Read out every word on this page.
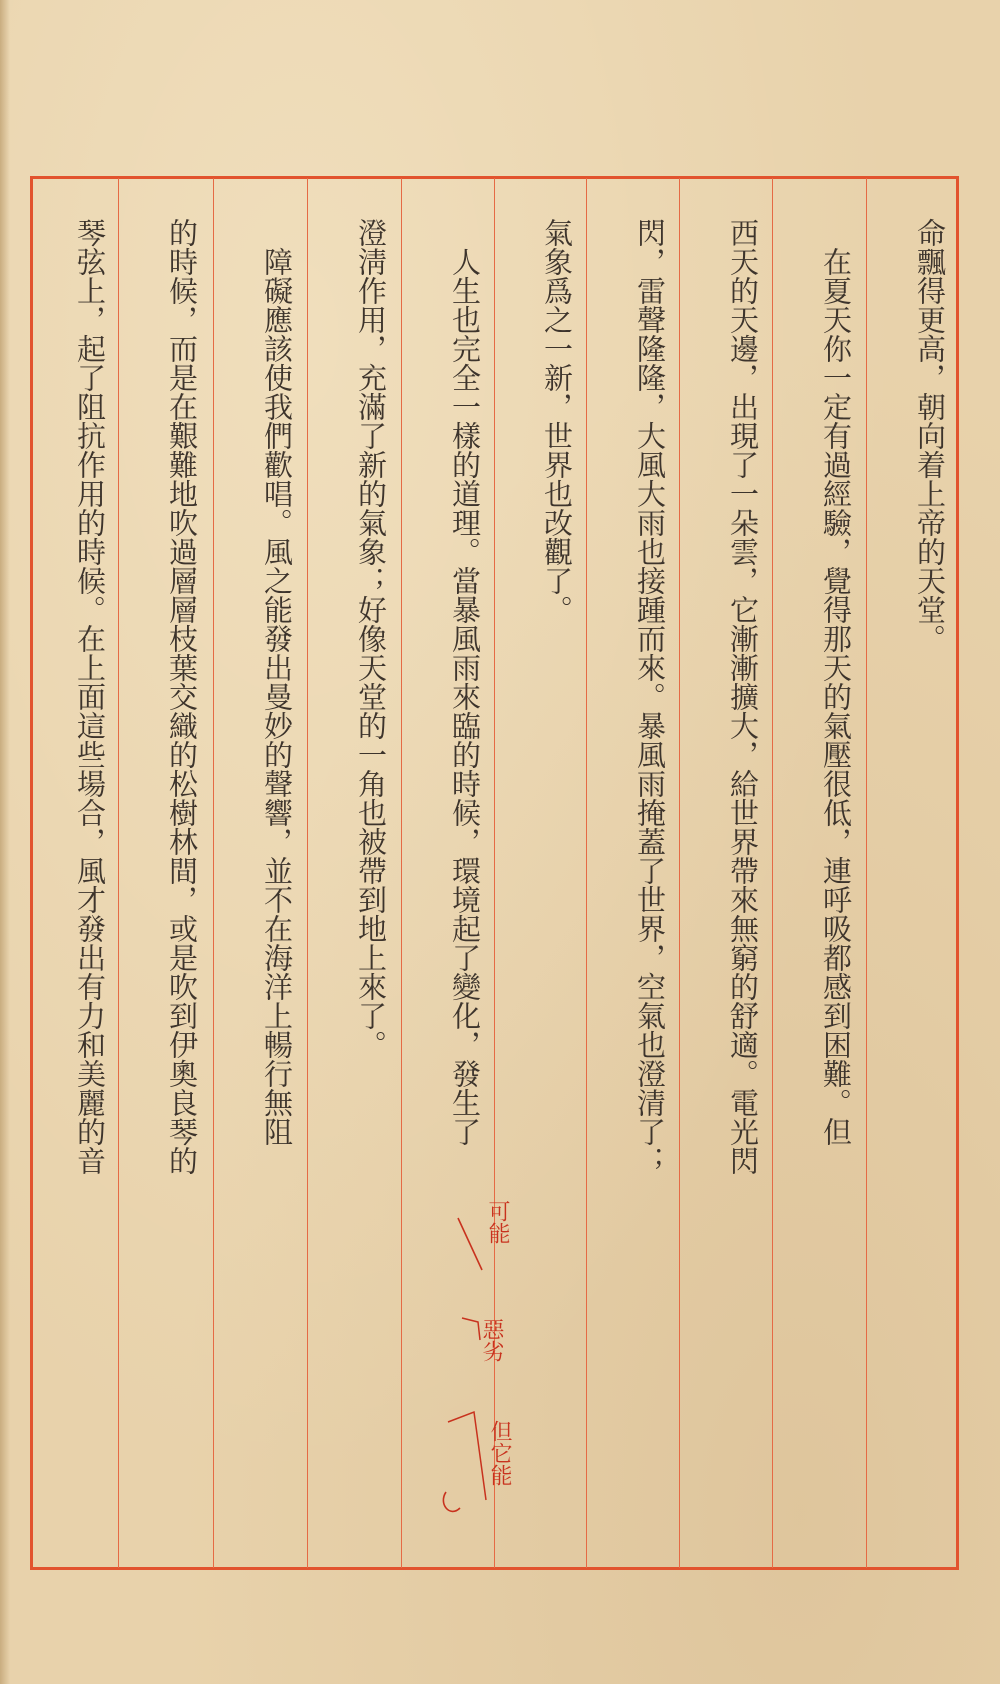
命飄得更高，朝向着上帝的天堂。
　在夏天你一定有過經驗，覺得那天的氣壓很低，連呼吸都感到困難。但
西天的天邊，出現了一朵雲，它漸漸擴大，給世界帶來無窮的舒適。電光閃
閃，雷聲隆隆，大風大雨也接踵而來。暴風雨掩蓋了世界，空氣也澄清了；
氣象爲之一新，世界也改觀了。
　人生也完全一樣的道理。當暴風雨來臨的時候，環境起了變化，發生了
澄淸作用，充滿了新的氣象；好像天堂的一角也被帶到地上來了。
　障礙應該使我們歡唱。風之能發出曼妙的聲響，並不在海洋上暢行無阻
的時候，而是在艱難地吹過層層枝葉交織的松樹林間，或是吹到伊奧良琴的
琴弦上，起了阻抗作用的時候。在上面這些場合，風才發出有力和美麗的音
可能
惡劣
但它能
